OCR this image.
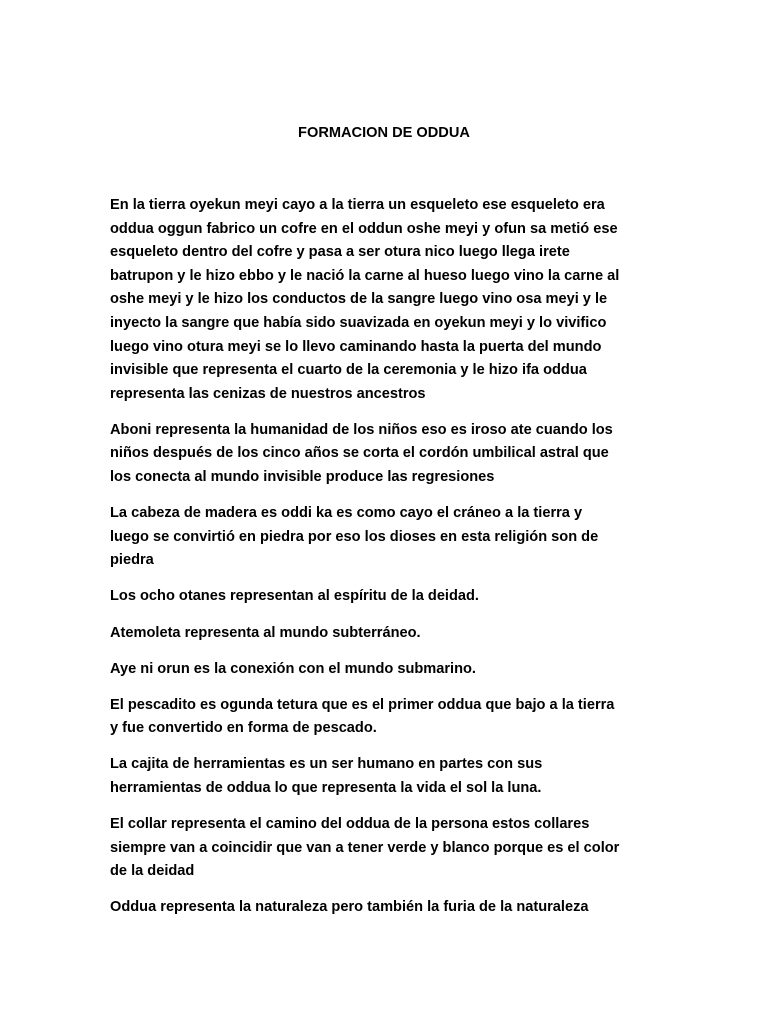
FORMACION DE ODDUA

En la tierra oyekun meyi cayo a la tierra un esqueleto ese esqueleto era
oddua oggun fabrico un cofre en el oddun oshe meyi y ofun sa metió ese
esqueleto dentro del cofre y pasa a ser otura nico luego llega irete
batrupon y le hizo ebbo y le nació la carne al hueso luego vino la carne al
oshe meyi y le hizo los conductos de la sangre luego vino osa meyi y le
inyecto la sangre que había sido suavizada en oyekun meyi y lo vivifico
luego vino otura meyi se lo llevo caminando hasta la puerta del mundo
invisible que representa el cuarto de la ceremonia y le hizo ifa oddua
representa las cenizas de nuestros ancestros

Aboni representa la humanidad de los niños eso es iroso ate cuando los
niños después de los cinco años se corta el cordón umbilical astral que
los conecta al mundo invisible produce las regresiones

La cabeza de madera es oddi ka es como cayo el cráneo a la tierra y
luego se convirtió en piedra por eso los dioses en esta religión son de
piedra

Los ocho otanes representan al espíritu de la deidad.

Atemoleta representa al mundo subterráneo.

Aye ni orun es la conexión con el mundo submarino.

El pescadito es ogunda tetura que es el primer oddua que bajo a la tierra
y fue convertido en forma de pescado.

La cajita de herramientas es un ser humano en partes con sus
herramientas de oddua lo que representa la vida el sol la luna.

El collar representa el camino del oddua de la persona estos collares
siempre van a coincidir que van a tener verde y blanco porque es el color
de la deidad

Oddua representa la naturaleza pero también la furia de la naturaleza
